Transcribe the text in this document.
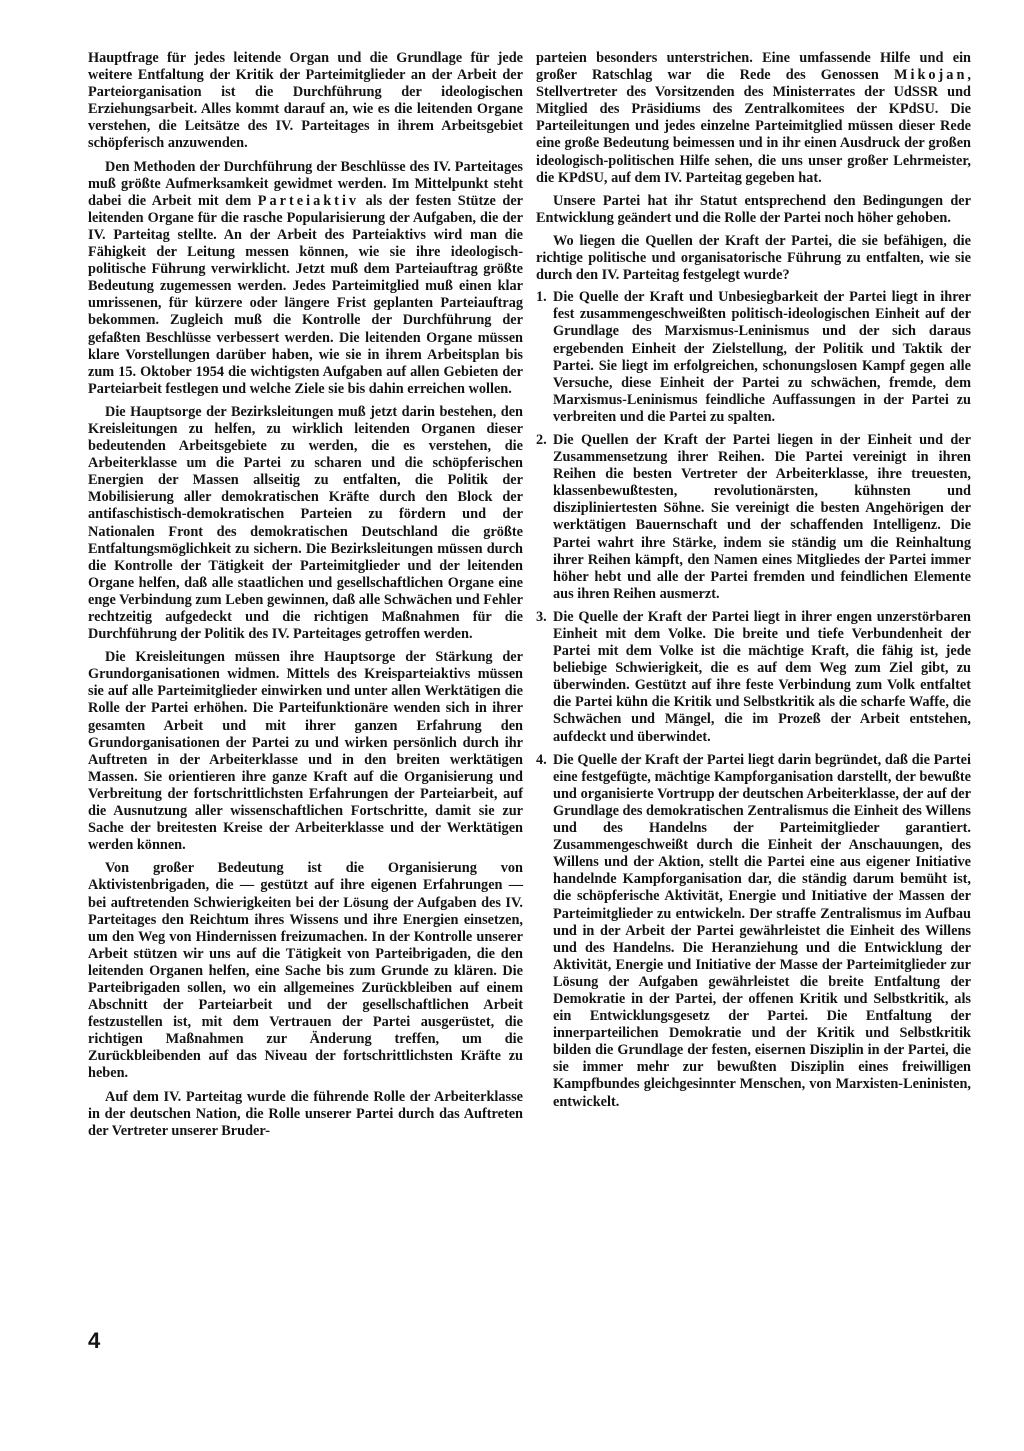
Hauptfrage für jedes leitende Organ und die Grundlage für jede weitere Entfaltung der Kritik der Parteimitglieder an der Arbeit der Parteiorganisation ist die Durchführung der ideologischen Erziehungsarbeit. Alles kommt darauf an, wie es die leitenden Organe verstehen, die Leitsätze des IV. Parteitages in ihrem Arbeitsgebiet schöpferisch anzuwenden.

Den Methoden der Durchführung der Beschlüsse des IV. Parteitages muß größte Aufmerksamkeit gewidmet werden. Im Mittelpunkt steht dabei die Arbeit mit dem Parteiaktiv als der festen Stütze der leitenden Organe für die rasche Popularisierung der Aufgaben, die der IV. Parteitag stellte. An der Arbeit des Parteiaktivs wird man die Fähigkeit der Leitung messen können, wie sie ihre ideologisch-politische Führung verwirklicht. Jetzt muß dem Parteiauftrag größte Bedeutung zugemessen werden. Jedes Parteimitglied muß einen klar umrissenen, für kürzere oder längere Frist geplanten Parteiauftrag bekommen. Zugleich muß die Kontrolle der Durchführung der gefaßten Beschlüsse verbessert werden. Die leitenden Organe müssen klare Vorstellungen darüber haben, wie sie in ihrem Arbeitsplan bis zum 15. Oktober 1954 die wichtigsten Aufgaben auf allen Gebieten der Parteiarbeit festlegen und welche Ziele sie bis dahin erreichen wollen.

Die Hauptsorge der Bezirksleitungen muß jetzt darin bestehen, den Kreisleitungen zu helfen, zu wirklich leitenden Organen dieser bedeutenden Arbeitsgebiete zu werden, die es verstehen, die Arbeiterklasse um die Partei zu scharen und die schöpferischen Energien der Massen allseitig zu entfalten, die Politik der Mobilisierung aller demokratischen Kräfte durch den Block der antifaschistisch-demokratischen Parteien zu fördern und der Nationalen Front des demokratischen Deutschland die größte Entfaltungsmöglichkeit zu sichern. Die Bezirksleitungen müssen durch die Kontrolle der Tätigkeit der Parteimitglieder und der leitenden Organe helfen, daß alle staatlichen und gesellschaftlichen Organe eine enge Verbindung zum Leben gewinnen, daß alle Schwächen und Fehler rechtzeitig aufgedeckt und die richtigen Maßnahmen für die Durchführung der Politik des IV. Parteitages getroffen werden.

Die Kreisleitungen müssen ihre Hauptsorge der Stärkung der Grundorganisationen widmen. Mittels des Kreisparteiaktivs müssen sie auf alle Parteimitglieder einwirken und unter allen Werktätigen die Rolle der Partei erhöhen. Die Parteifunktionäre wenden sich in ihrer gesamten Arbeit und mit ihrer ganzen Erfahrung den Grundorganisationen der Partei zu und wirken persönlich durch ihr Auftreten in der Arbeiterklasse und in den breiten werktätigen Massen. Sie orientieren ihre ganze Kraft auf die Organisierung und Verbreitung der fortschrittlichsten Erfahrungen der Parteiarbeit, auf die Ausnutzung aller wissenschaftlichen Fortschritte, damit sie zur Sache der breitesten Kreise der Arbeiterklasse und der Werktätigen werden können.

Von großer Bedeutung ist die Organisierung von Aktivistenbrigaden, die — gestützt auf ihre eigenen Erfahrungen — bei auftretenden Schwierigkeiten bei der Lösung der Aufgaben des IV. Parteitages den Reichtum ihres Wissens und ihre Energien einsetzen, um den Weg von Hindernissen freizumachen. In der Kontrolle unserer Arbeit stützen wir uns auf die Tätigkeit von Parteibrigaden, die den leitenden Organen helfen, eine Sache bis zum Grunde zu klären. Die Parteibrigaden sollen, wo ein allgemeines Zurückbleiben auf einem Abschnitt der Parteiarbeit und der gesellschaftlichen Arbeit festzustellen ist, mit dem Vertrauen der Partei ausgerüstet, die richtigen Maßnahmen zur Änderung treffen, um die Zurückbleibenden auf das Niveau der fortschrittlichsten Kräfte zu heben.

Auf dem IV. Parteitag wurde die führende Rolle der Arbeiterklasse in der deutschen Nation, die Rolle unserer Partei durch das Auftreten der Vertreter unserer Bruder-

parteien besonders unterstrichen. Eine umfassende Hilfe und ein großer Ratschlag war die Rede des Genossen Mikojan, Stellvertreter des Vorsitzenden des Ministerrates der UdSSR und Mitglied des Präsidiums des Zentralkomitees der KPdSU. Die Parteileitungen und jedes einzelne Parteimitglied müssen dieser Rede eine große Bedeutung beimessen und in ihr einen Ausdruck der großen ideologisch-politischen Hilfe sehen, die uns unser großer Lehrmeister, die KPdSU, auf dem IV. Parteitag gegeben hat.

Unsere Partei hat ihr Statut entsprechend den Bedingungen der Entwicklung geändert und die Rolle der Partei noch höher gehoben.

Wo liegen die Quellen der Kraft der Partei, die sie befähigen, die richtige politische und organisatorische Führung zu entfalten, wie sie durch den IV. Parteitag festgelegt wurde?

1. Die Quelle der Kraft und Unbesiegbarkeit der Partei liegt in ihrer fest zusammengeschweißten politisch-ideologischen Einheit auf der Grundlage des Marxismus-Leninismus und der sich daraus ergebenden Einheit der Zielstellung, der Politik und Taktik der Partei. Sie liegt im erfolgreichen, schonungslosen Kampf gegen alle Versuche, diese Einheit der Partei zu schwächen, fremde, dem Marxismus-Leninismus feindliche Auffassungen in der Partei zu verbreiten und die Partei zu spalten.
2. Die Quellen der Kraft der Partei liegen in der Einheit und der Zusammensetzung ihrer Reihen. Die Partei vereinigt in ihren Reihen die besten Vertreter der Arbeiterklasse, ihre treuesten, klassenbewußtesten, revolutionärsten, kühnsten und diszipliniertesten Söhne. Sie vereinigt die besten Angehörigen der werktätigen Bauernschaft und der schaffenden Intelligenz. Die Partei wahrt ihre Stärke, indem sie ständig um die Reinhaltung ihrer Reihen kämpft, den Namen eines Mitgliedes der Partei immer höher hebt und alle der Partei fremden und feindlichen Elemente aus ihren Reihen ausmerzt.
3. Die Quelle der Kraft der Partei liegt in ihrer engen unzerstörbaren Einheit mit dem Volke. Die breite und tiefe Verbundenheit der Partei mit dem Volke ist die mächtige Kraft, die fähig ist, jede beliebige Schwierigkeit, die es auf dem Weg zum Ziel gibt, zu überwinden. Gestützt auf ihre feste Verbindung zum Volk entfaltet die Partei kühn die Kritik und Selbstkritik als die scharfe Waffe, die Schwächen und Mängel, die im Prozeß der Arbeit entstehen, aufdeckt und überwindet.
4. Die Quelle der Kraft der Partei liegt darin begründet, daß die Partei eine festgefügte, mächtige Kampforganisation darstellt, der bewußte und organisierte Vortrupp der deutschen Arbeiterklasse, der auf der Grundlage des demokratischen Zentralismus die Einheit des Willens und des Handelns der Parteimitglieder garantiert. Zusammengeschweißt durch die Einheit der Anschauungen, des Willens und der Aktion, stellt die Partei eine aus eigener Initiative handelnde Kampforganisation dar, die ständig darum bemüht ist, die schöpferische Aktivität, Energie und Initiative der Massen der Parteimitglieder zu entwickeln. Der straffe Zentralismus im Aufbau und in der Arbeit der Partei gewährleistet die Einheit des Willens und des Handelns. Die Heranziehung und die Entwicklung der Aktivität, Energie und Initiative der Masse der Parteimitglieder zur Lösung der Aufgaben gewährleistet die breite Entfaltung der Demokratie in der Partei, der offenen Kritik und Selbstkritik, als ein Entwicklungsgesetz der Partei. Die Entfaltung der innerparteilichen Demokratie und der Kritik und Selbstkritik bilden die Grundlage der festen, eisernen Disziplin in der Partei, die sie immer mehr zur bewußten Disziplin eines freiwilligen Kampfbundes gleichgesinnter Menschen, von Marxisten-Leninisten, entwickelt.
4
